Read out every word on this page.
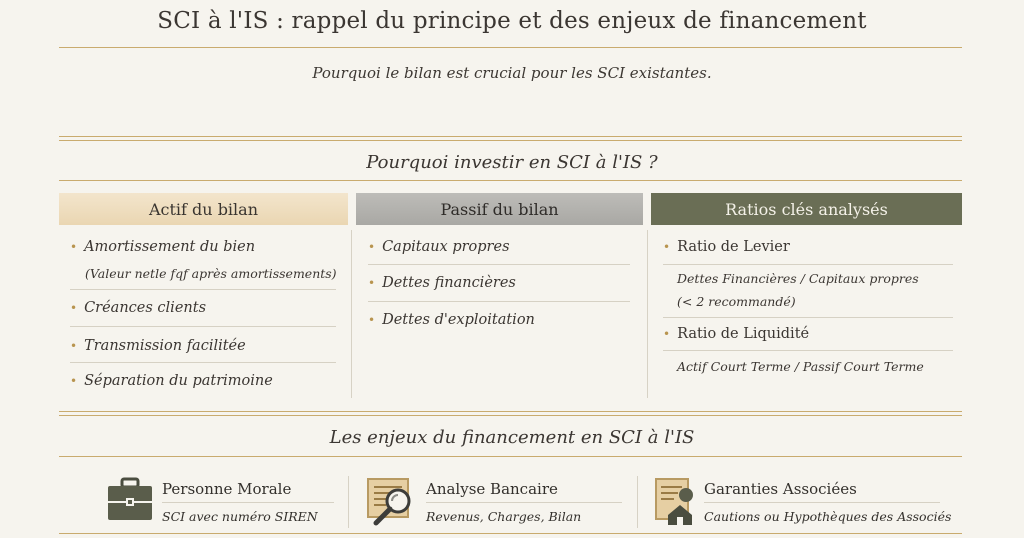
SCI à l'IS : rappel du principe et des enjeux de financement
Pourquoi le bilan est crucial pour les SCI existantes.
Pourquoi investir en SCI à l'IS ?
Actif du bilan	Passif du bilan	Ratios clés analysés
• Amortissement du bien
(Valeur netle fqf après amortissements)
• Créances clients
• Transmission facilitée
• Séparation du patrimoine
• Capitaux propres
• Dettes financières
• Dettes d'exploitation
• Ratio de Levier
Dettes Financières / Capitaux propres
(< 2 recommandé)
• Ratio de Liquidité
Actif Court Terme / Passif Court Terme
Les enjeux du financement en SCI à l'IS
Personne Morale
SCI avec numéro SIREN
Analyse Bancaire
Revenus, Charges, Bilan
Garanties Associées
Cautions ou Hypothèques des Associés
